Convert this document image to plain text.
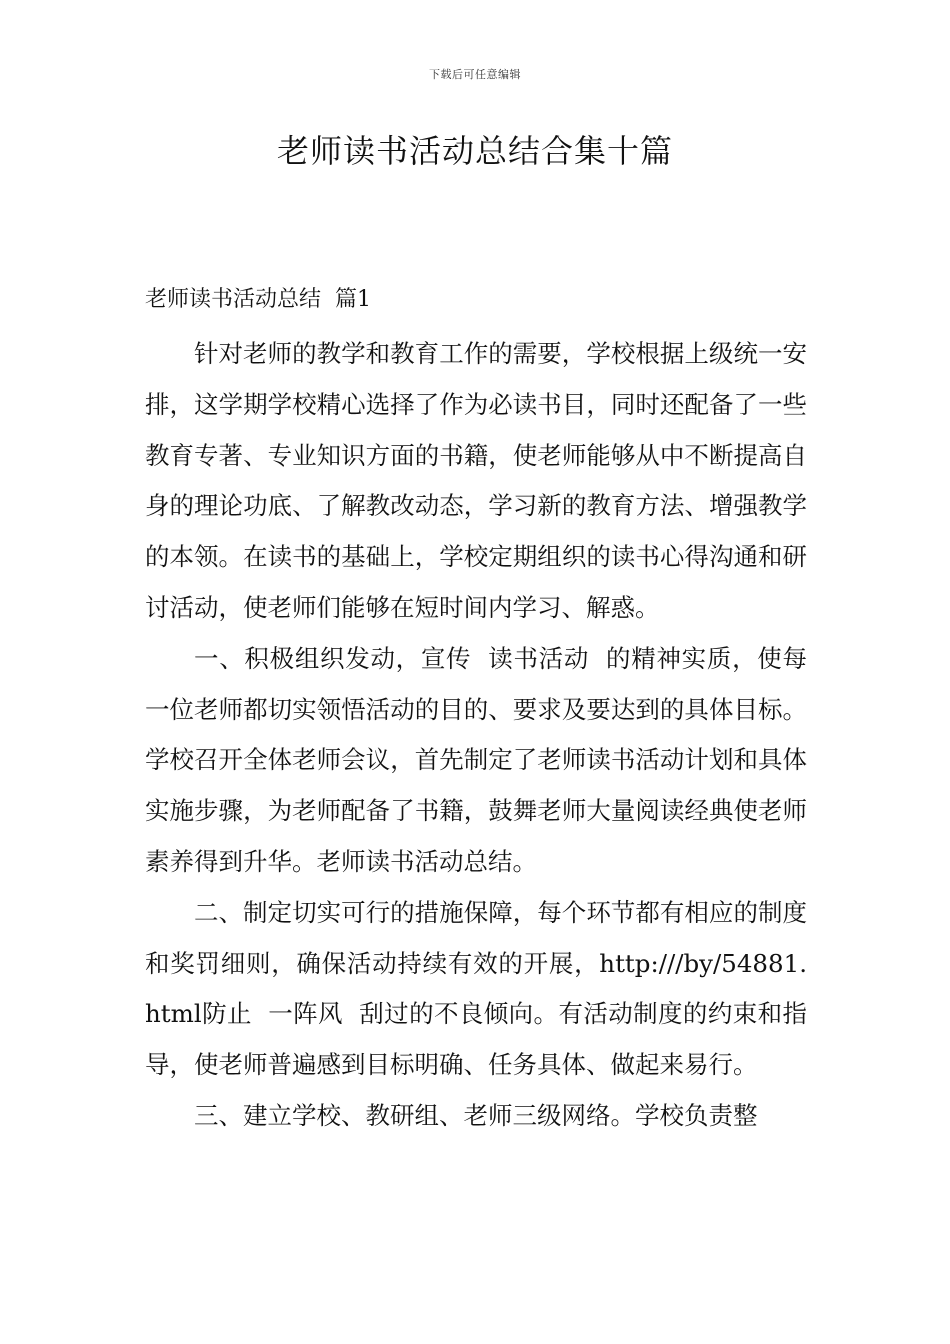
下载后可任意编辑
老师读书活动总结合集十篇
老师读书活动总结  篇1

针对老师的教学和教育工作的需要，学校根据上级统一安排，这学期学校精心选择了作为必读书目，同时还配备了一些教育专著、专业知识方面的书籍，使老师能够从中不断提高自身的理论功底、了解教改动态，学习新的教育方法、增强教学的本领。在读书的基础上，学校定期组织的读书心得沟通和研讨活动，使老师们能够在短时间内学习、解惑。

一、积极组织发动，宣传  读书活动  的精神实质，使每一位老师都切实领悟活动的目的、要求及要达到的具体目标。学校召开全体老师会议，首先制定了老师读书活动计划和具体实施步骤，为老师配备了书籍，鼓舞老师大量阅读经典使老师素养得到升华。老师读书活动总结。

二、制定切实可行的措施保障，每个环节都有相应的制度和奖罚细则，确保活动持续有效的开展，http:///by/54881.html防止  一阵风  刮过的不良倾向。有活动制度的约束和指导，使老师普遍感到目标明确、任务具体、做起来易行。

三、建立学校、教研组、老师三级网络。学校负责整
